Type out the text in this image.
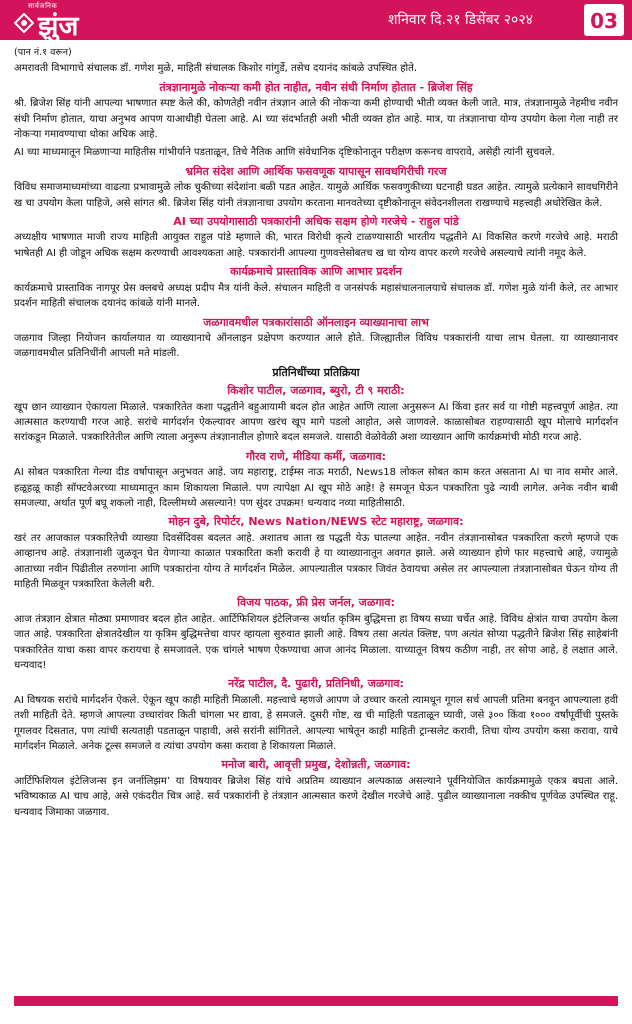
सार्वजनिक
झुंज	शनिवार दि.२१ डिसेंबर २०२४	03

(पान नं.१ वरून)

अमरावती विभागाचे संचालक डॉ. गणेश मुळे, माहिती संचालक किशोर गांगुर्डे, तसेच दयानंद कांबळे उपस्थित होते.

तंत्रज्ञानामुळे नोकऱ्या कमी होत नाहीत, नवीन संधी निर्माण होतात - ब्रिजेश सिंह

श्री. ब्रिजेश सिंह यांनी आपल्या भाषणात स्पष्ट केले की, कोणतेही नवीन तंत्रज्ञान आले की नोकऱ्या कमी होण्याची भीती व्यक्त केली जाते. मात्र, तंत्रज्ञानामुळे नेहमीच नवीन संधी निर्माण होतात, याचा अनुभव आपण याआधीही घेतला आहे. AI च्या संदर्भातही अशी भीती व्यक्त होत आहे. मात्र, या तंत्रज्ञानाचा योग्य उपयोग केला गेला नाही तर नोकऱ्या गमावण्याचा धोका अधिक आहे.

AI च्या माध्यमातून मिळणाऱ्या माहितीस गांभीर्याने पडताळून, तिचे नैतिक आणि संवेधानिक दृष्टिकोनातून परीक्षण करूनच वापरावे, असेही त्यांनी सुचवले.

भ्रमित संदेश आणि आर्थिक फसवणूक यापासून सावधगिरीची गरज

विविध समाजमाध्यमांच्या वाढत्या प्रभावामुळे लोक चुकीच्या संदेशांना बळी पडत आहेत. यामुळे आर्थिक फसवणुकीच्या घटनाही घडत आहेत. त्यामुळे प्रत्येकाने सावधगिरीने ख चा उपयोग केला पाहिजे, असे सांगत श्री. ब्रिजेश सिंह यांनी तंत्रज्ञानाचा उपयोग करताना मानवतेच्या दृष्टीकोनातून संवेदनशीलता राखण्याचे महत्त्वही अधोरेखित केले.

AI च्या उपयोगासाठी पत्रकारांनी अधिक सक्षम होणे गरजेचे - राहुल पांडे

अध्यक्षीय भाषणात माजी राज्य माहिती आयुक्त राहुल पांडे म्हणाले की, भारत विरोधी कृत्ये टाळण्यासाठी भारतीय पद्धतीने AI विकसित करणे गरजेचे आहे. मराठी भाषेतही AI ही जोडून अधिक सक्षम करण्याची आवश्यकता आहे. पत्रकारांनी आपल्या गुणवत्तेसोबतच ख चा योग्य वापर करणे गरजेचे असल्याचे त्यांनी नमूद केले.

कार्यक्रमाचे प्रास्ताविक आणि आभार प्रदर्शन

कार्यक्रमाचे प्रास्ताविक नागपूर प्रेस क्लबचे अध्यक्ष प्रदीप मैत्र यांनी केले. संचालन माहिती व जनसंपर्क महासंचालनालयाचे संचालक डॉ. गणेश मुळे यांनी केले, तर आभार प्रदर्शन माहिती संचालक दयानंद कांबळे यांनी मानले.

जळगावमधील पत्रकारांसाठी ऑनलाइन व्याख्यानाचा लाभ

जळगाव जिल्हा नियोजन कार्यालयात या व्याख्यानाचे ऑनलाइन प्रक्षेपण करण्यात आले होते. जिल्ह्यातील विविध पत्रकारांनी याचा लाभ घेतला. या व्याख्यानावर जळगावमधील प्रतिनिधींनी आपली मते मांडली.

प्रतिनिधींच्या प्रतिक्रिया

किशोर पाटील, जळगाव, ब्युरो, टी ९ मराठी:

खूप छान व्याख्यान ऐकायला मिळाले. पत्रकारितेत कशा पद्धतीने बहुआयामी बदल होत आहेत आणि त्याला अनुसरून AI किंवा इतर सर्व या गोष्टी महत्त्वपूर्ण आहेत. त्या आत्मसात करण्याची गरज आहे. सरांचे मार्गदर्शन ऐकल्यावर आपण खरंच खूप मागे पडलो आहोत, असे जाणवले. काळासोबत राहण्यासाठी खूप मोलाचे मार्गदर्शन सरांकडून मिळाले. पत्रकारितेतील आणि त्याला अनुरूप तंत्रज्ञानातील होणारे बदल समजले. यासाठी वेळोवेळी अशा व्याख्यान आणि कार्यक्रमांची मोठी गरज आहे.

गौरव राणे, मीडिया कर्मी, जळगाव:

AI सोबत पत्रकारिता गेल्या दीड वर्षापासून अनुभवत आहे. जय महाराष्ट्र, टाईम्स नाऊ मराठी, News18 लोकल सोबत काम करत असताना AI चा नाव समोर आले. हळूहळू काही सॉफ्टवेअरच्या माध्यमातून काम शिकायला मिळाले. पण त्यापेक्षा AI खूप मोठे आहे! हे समजून घेऊन पत्रकारिता पुढे न्यावी लागेल. अनेक नवीन बाबी समजल्या, अर्थात पूर्ण बघू शकलो नाही, दिल्लीमध्ये असल्याने! पण सुंदर उपक्रम! धन्यवाद नव्या माहितीसाठी.

मोहन दुबे, रिपोर्टर, News Nation/NEWS स्टेट महाराष्ट्र, जळगाव:

खरं तर आजकाल पत्रकारितेची व्याख्या दिवसेंदिवस बदलत आहे. अशातच आता ख पद्धती येऊ घातल्या आहेत. नवीन तंत्रज्ञानासोबत पत्रकारिता करणे म्हणजे एक आव्हानच आहे. तंत्रज्ञानाशी जुळवून घेत येणाऱ्या काळात पत्रकारिता कशी करावी हे या व्याख्यानातून अवगत झाले. असे व्याख्यान होणे फार महत्त्वाचे आहे, ज्यामुळे आताच्या नवीन पिढीतील तरुणांना आणि पत्रकारांना योग्य ते मार्गदर्शन मिळेल. आपल्यातील पत्रकार जिवंत ठेवायचा असेल तर आपल्याला तंत्रज्ञानासोबत घेऊन योग्य ती माहिती मिळवून पत्रकारिता केलेली बरी.

विजय पाठक, फ्री प्रेस जर्नल, जळगाव:

आज तंत्रज्ञान क्षेत्रात मोठ्या प्रमाणावर बदल होत आहेत. आर्टिफिशियल इंटेलिजन्स अर्थात कृत्रिम बुद्धिमत्ता हा विषय सध्या चर्चेत आहे. विविध क्षेत्रांत याचा उपयोग केला जात आहे. पत्रकारिता क्षेत्रातदेखील या कृत्रिम बुद्धिमत्तेचा वापर व्हायला सुरुवात झाली आहे. विषय तसा अत्यंत क्लिष्ट, पण अत्यंत सोप्या पद्धतीने ब्रिजेश सिंह साहेबांनी पत्रकारितेत याचा कसा वापर करायचा हे समजावले. एक चांगले भाषण ऐकण्याचा आज आनंद मिळाला. याच्यातून विषय कठीण नाही, तर सोपा आहे, हे लक्षात आले. धन्यवाद!

नरेंद्र पाटील, दै. पुढारी, प्रतिनिधी, जळगाव:

AI विषयक सरांचे मार्गदर्शन ऐकले. ऐकून खूप काही माहिती मिळाली. महत्त्वाचे म्हणजे आपण जे उच्चार करतो त्यामधून गूगल सर्च आपली प्रतिमा बनवून आपल्याला हवी तशी माहिती देते. म्हणजे आपल्या उच्चारांवर किती चांगला भर द्यावा, हे समजले. दुसरी गोष्ट, ख ची माहिती पडताळून घ्यावी, जसे ३०० किंवा १००० वर्षांपूर्वीची पुस्तके गूगलवर दिसतात, पण त्यांची सत्यताही पडताळून पाहावी, असे सरांनी सांगितले. आपल्या भाषेतून काही माहिती ट्रान्सलेट करावी, तिचा योग्य उपयोग कसा करावा, याचे मार्गदर्शन मिळाले. अनेक टूल्स समजले व त्यांचा उपयोग कसा करावा हे शिकायला मिळाले.

मनोज बारी, आवृत्ती प्रमुख, देशोन्नती, जळगाव:

आर्टिफिशियल इंटेलिजन्स इन जर्नालिझम’ या विषयावर ब्रिजेश सिंह यांचे अप्रतिम व्याख्यान अल्पकाळ असल्याने पूर्वनियोजित कार्यक्रमामुळे एकत्र बघता आले. भविष्यकाळ AI चाच आहे, असे एकंदरीत चित्र आहे. सर्व पत्रकारांनी हे तंत्रज्ञान आत्मसात करणे देखील गरजेचे आहे. पुढील व्याख्यानाला नक्कीच पूर्णवेळ उपस्थित राहू. धन्यवाद जिमाका जळगाव.
